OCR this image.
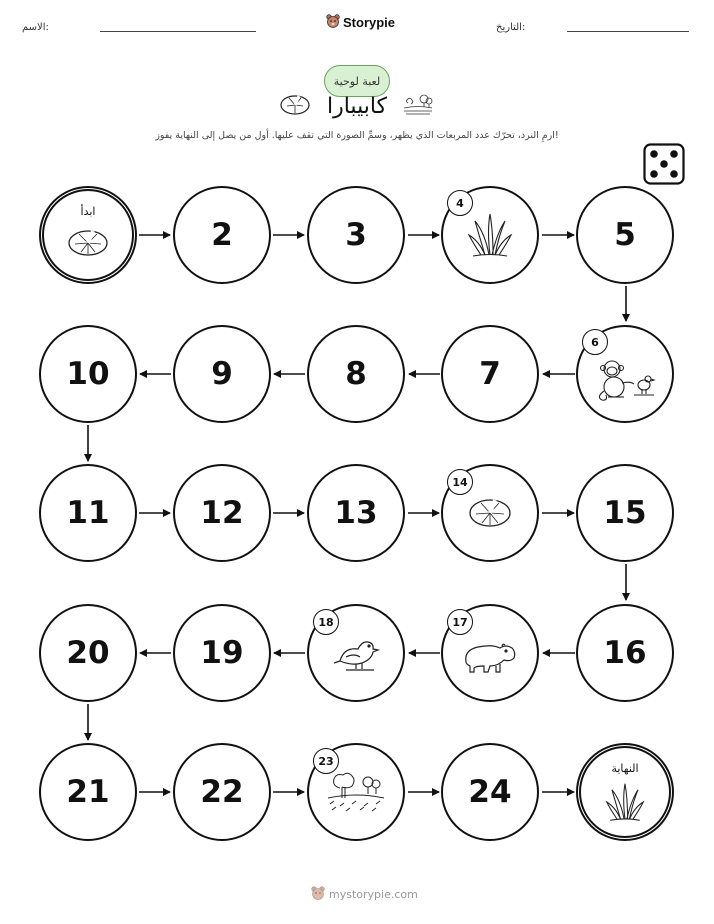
الاسم:	Storypie	التاريخ:
لعبة لوحية
كابيبارا
ارمِ النرد، تحرّك عدد المربعات الذي يظهر، وسمِّ الصورة التي تقف عليها. أول من يصل إلى النهاية يفوز!
ابدأ
2	3
4
5
10	9	8	7
6
11	12	13
14
15
20	19
18	17
16
21	22
23
24
النهاية
mystorypie.com
